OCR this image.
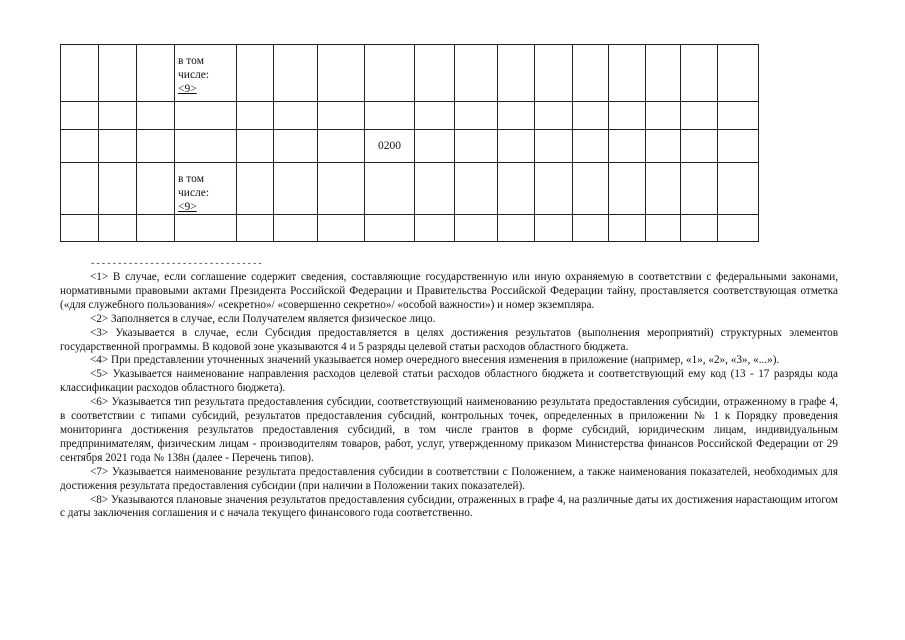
			в том
числе:
<9>													

							0200									

			в том
числе:
<9>													

--------------------------------

<1> В случае, если соглашение содержит сведения, составляющие государственную или иную охраняемую в соответствии с федеральными законами, нормативными правовыми актами Президента Российской Федерации и Правительства Российской Федерации тайну, проставляется соответствующая отметка («для служебного пользования»/ «секретно»/ «совершенно секретно»/ «особой важности») и номер экземпляра.

<2> Заполняется в случае, если Получателем является физическое лицо.

<3> Указывается в случае, если Субсидия предоставляется в целях достижения результатов (выполнения мероприятий) структурных элементов государственной программы. В кодовой зоне указываются 4 и 5 разряды целевой статьи расходов областного бюджета.

<4> При представлении уточненных значений указывается номер очередного внесения изменения в приложение (например, «1», «2», «3», «...»).

<5> Указывается наименование направления расходов целевой статьи расходов областного бюджета и соответствующий ему код (13 - 17 разряды кода классификации расходов областного бюджета).

<6> Указывается тип результата предоставления субсидии, соответствующий наименованию результата предоставления субсидии, отраженному в графе 4, в соответствии с типами субсидий, результатов предоставления субсидий, контрольных точек, определенных в приложении № 1 к Порядку проведения мониторинга достижения результатов предоставления субсидий, в том числе грантов в форме субсидий, юридическим лицам, индивидуальным предпринимателям, физическим лицам - производителям товаров, работ, услуг, утвержденному приказом Министерства финансов Российской Федерации от 29 сентября 2021 года № 138н (далее - Перечень типов).

<7> Указывается наименование результата предоставления субсидии в соответствии с Положением, а также наименования показателей, необходимых для достижения результата предоставления субсидии (при наличии в Положении таких показателей).

<8> Указываются плановые значения результатов предоставления субсидии, отраженных в графе 4, на различные даты их достижения нарастающим итогом с даты заключения соглашения и с начала текущего финансового года соответственно.
